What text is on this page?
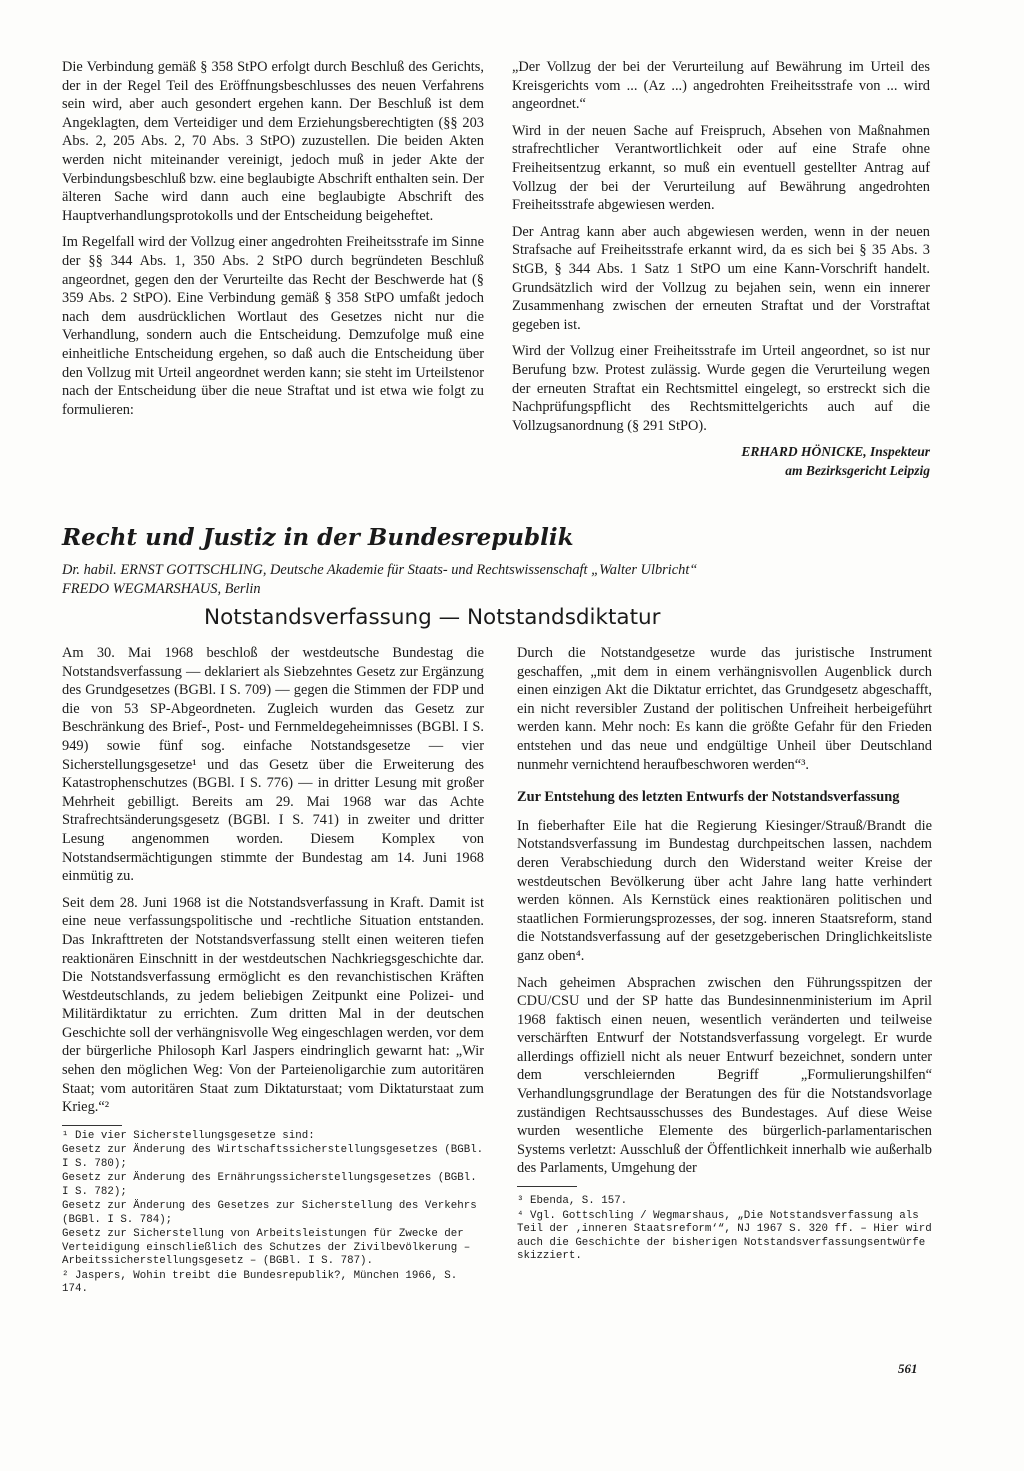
Die Verbindung gemäß § 358 StPO erfolgt durch Beschluß des Gerichts, der in der Regel Teil des Eröffnungsbeschlusses des neuen Verfahrens sein wird, aber auch gesondert ergehen kann. Der Beschluß ist dem Angeklagten, dem Verteidiger und dem Erziehungsberechtigten (§§ 203 Abs. 2, 205 Abs. 2, 70 Abs. 3 StPO) zuzustellen. Die beiden Akten werden nicht miteinander vereinigt, jedoch muß in jeder Akte der Verbindungsbeschluß bzw. eine beglaubigte Abschrift enthalten sein. Der älteren Sache wird dann auch eine beglaubigte Abschrift des Hauptverhandlungsprotokolls und der Entscheidung beigeheftet.

Im Regelfall wird der Vollzug einer angedrohten Freiheitsstrafe im Sinne der §§ 344 Abs. 1, 350 Abs. 2 StPO durch begründeten Beschluß angeordnet, gegen den der Verurteilte das Recht der Beschwerde hat (§ 359 Abs. 2 StPO). Eine Verbindung gemäß § 358 StPO umfaßt jedoch nach dem ausdrücklichen Wortlaut des Gesetzes nicht nur die Verhandlung, sondern auch die Entscheidung. Demzufolge muß eine einheitliche Entscheidung ergehen, so daß auch die Entscheidung über den Vollzug mit Urteil angeordnet werden kann; sie steht im Urteilstenor nach der Entscheidung über die neue Straftat und ist etwa wie folgt zu formulieren:

„Der Vollzug der bei der Verurteilung auf Bewährung im Urteil des Kreisgerichts vom ... (Az ...) angedrohten Freiheitsstrafe von ... wird angeordnet.“

Wird in der neuen Sache auf Freispruch, Absehen von Maßnahmen strafrechtlicher Verantwortlichkeit oder auf eine Strafe ohne Freiheitsentzug erkannt, so muß ein eventuell gestellter Antrag auf Vollzug der bei der Verurteilung auf Bewährung angedrohten Freiheitsstrafe abgewiesen werden.

Der Antrag kann aber auch abgewiesen werden, wenn in der neuen Strafsache auf Freiheitsstrafe erkannt wird, da es sich bei § 35 Abs. 3 StGB, § 344 Abs. 1 Satz 1 StPO um eine Kann-Vorschrift handelt. Grundsätzlich wird der Vollzug zu bejahen sein, wenn ein innerer Zusammenhang zwischen der erneuten Straftat und der Vorstraftat gegeben ist.

Wird der Vollzug einer Freiheitsstrafe im Urteil angeordnet, so ist nur Berufung bzw. Protest zulässig. Wurde gegen die Verurteilung wegen der erneuten Straftat ein Rechtsmittel eingelegt, so erstreckt sich die Nachprüfungspflicht des Rechtsmittelgerichts auch auf die Vollzugsanordnung (§ 291 StPO).

ERHARD HÖNICKE, Inspekteur
am Bezirksgericht Leipzig
Recht und Justiz in der Bundesrepublik
Dr. habil. ERNST GOTTSCHLING, Deutsche Akademie für Staats- und Rechtswissenschaft „Walter Ulbricht“
FREDO WEGMARSHAUS, Berlin
Notstandsverfassung — Notstandsdiktatur

Am 30. Mai 1968 beschloß der westdeutsche Bundestag die Notstandsverfassung — deklariert als Siebzehntes Gesetz zur Ergänzung des Grundgesetzes (BGBl. I S. 709) — gegen die Stimmen der FDP und die von 53 SP-Abgeordneten. Zugleich wurden das Gesetz zur Beschränkung des Brief-, Post- und Fernmeldegeheimnisses (BGBl. I S. 949) sowie fünf sog. einfache Notstandsgesetze — vier Sicherstellungsgesetze¹ und das Gesetz über die Erweiterung des Katastrophenschutzes (BGBl. I S. 776) — in dritter Lesung mit großer Mehrheit gebilligt. Bereits am 29. Mai 1968 war das Achte Strafrechtsänderungsgesetz (BGBl. I S. 741) in zweiter und dritter Lesung angenommen worden. Diesem Komplex von Notstandsermächtigungen stimmte der Bundestag am 14. Juni 1968 einmütig zu.

Seit dem 28. Juni 1968 ist die Notstandsverfassung in Kraft. Damit ist eine neue verfassungspolitische und -rechtliche Situation entstanden. Das Inkrafttreten der Notstandsverfassung stellt einen weiteren tiefen reaktionären Einschnitt in der westdeutschen Nachkriegsgeschichte dar. Die Notstandsverfassung ermöglicht es den revanchistischen Kräften Westdeutschlands, zu jedem beliebigen Zeitpunkt eine Polizei- und Militärdiktatur zu errichten. Zum dritten Mal in der deutschen Geschichte soll der verhängnisvolle Weg eingeschlagen werden, vor dem der bürgerliche Philosoph Karl Jaspers eindringlich gewarnt hat: „Wir sehen den möglichen Weg: Von der Parteienoligarchie zum autoritären Staat; vom autoritären Staat zum Diktaturstaat; vom Diktaturstaat zum Krieg.“²

¹ Die vier Sicherstellungsgesetze sind:

Gesetz zur Änderung des Wirtschaftssicherstellungsgesetzes (BGBl. I S. 780);

Gesetz zur Änderung des Ernährungssicherstellungsgesetzes (BGBl. I S. 782);

Gesetz zur Änderung des Gesetzes zur Sicherstellung des Verkehrs (BGBl. I S. 784);

Gesetz zur Sicherstellung von Arbeitsleistungen für Zwecke der Verteidigung einschließlich des Schutzes der Zivilbevölkerung – Arbeitssicherstellungsgesetz – (BGBl. I S. 787).

² Jaspers, Wohin treibt die Bundesrepublik?, München 1966, S. 174.

Durch die Notstandgesetze wurde das juristische Instrument geschaffen, „mit dem in einem verhängnisvollen Augenblick durch einen einzigen Akt die Diktatur errichtet, das Grundgesetz abgeschafft, ein nicht reversibler Zustand der politischen Unfreiheit herbeigeführt werden kann. Mehr noch: Es kann die größte Gefahr für den Frieden entstehen und das neue und endgültige Unheil über Deutschland nunmehr vernichtend heraufbeschworen werden“³.

Zur Entstehung des letzten Entwurfs der Notstandsverfassung

In fieberhafter Eile hat die Regierung Kiesinger/Strauß/Brandt die Notstandsverfassung im Bundestag durchpeitschen lassen, nachdem deren Verabschiedung durch den Widerstand weiter Kreise der westdeutschen Bevölkerung über acht Jahre lang hatte verhindert werden können. Als Kernstück eines reaktionären politischen und staatlichen Formierungsprozesses, der sog. inneren Staatsreform, stand die Notstandsverfassung auf der gesetzgeberischen Dringlichkeitsliste ganz oben⁴.

Nach geheimen Absprachen zwischen den Führungsspitzen der CDU/CSU und der SP hatte das Bundesinnenministerium im April 1968 faktisch einen neuen, wesentlich veränderten und teilweise verschärften Entwurf der Notstandsverfassung vorgelegt. Er wurde allerdings offiziell nicht als neuer Entwurf bezeichnet, sondern unter dem verschleiernden Begriff „Formulierungshilfen“ Verhandlungsgrundlage der Beratungen des für die Notstandsvorlage zuständigen Rechtsausschusses des Bundestages. Auf diese Weise wurden wesentliche Elemente des bürgerlich-parlamentarischen Systems verletzt: Ausschluß der Öffentlichkeit innerhalb wie außerhalb des Parlaments, Umgehung der

³ Ebenda, S. 157.

⁴ Vgl. Gottschling / Wegmarshaus, „Die Notstandsverfassung als Teil der ‚inneren Staatsreform‘“, NJ 1967 S. 320 ff. – Hier wird auch die Geschichte der bisherigen Notstandsverfassungsentwürfe skizziert.

561
